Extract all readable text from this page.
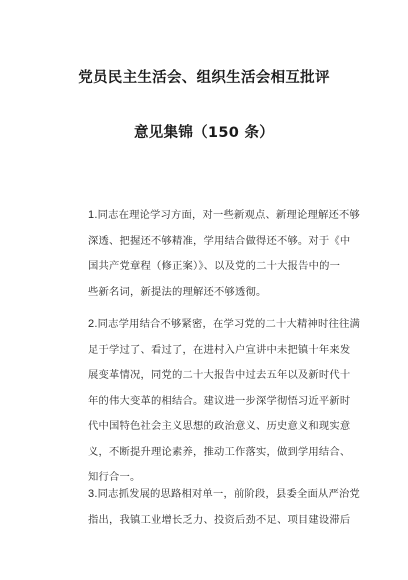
党员民主生活会、组织生活会相互批评
意见集锦（150 条）
1.同志在理论学习方面，对一些新观点、新理论理解还不够
深透、把握还不够精准，学用结合做得还不够。对于《中
国共产党章程（修正案）》、以及党的二十大报告中的一
些新名词，新提法的理解还不够透彻。
2.同志学用结合不够紧密，在学习党的二十大精神时往往满
足于学过了、看过了，在进村入户宣讲中未把镇十年来发
展变革情况，同党的二十大报告中过去五年以及新时代十
年的伟大变革的相结合。建议进一步深学彻悟习近平新时
代中国特色社会主义思想的政治意义、历史意义和现实意
义，不断提升理论素养，推动工作落实，做到学用结合、
知行合一。
3.同志抓发展的思路相对单一，前阶段，县委全面从严治党
指出，我镇工业增长乏力、投资后劲不足、项目建设滞后
